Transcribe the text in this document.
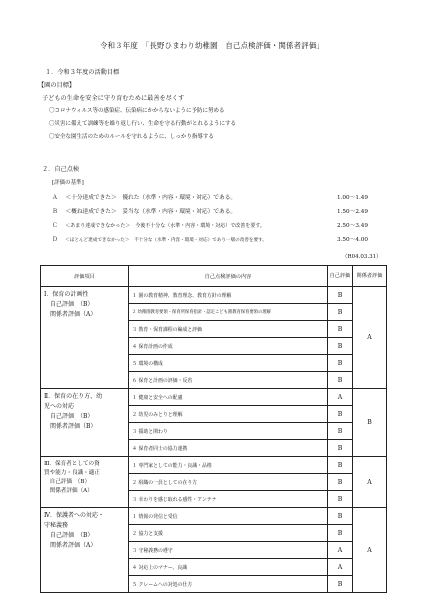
令和３年度　「長野ひまわり幼稚園　自己点検評価・関係者評価」
１．令和３年度の活動目標
【園の目標】
子どもの生命を安全に守り育むために最善を尽くす
〇コロナウィルス等の感染症、伝染病にかからないように予防に努める
〇災害に備えて訓練等を繰り返し行い、生命を守る行動がとれるようにする
〇安全な園生活のためのルールを守れるように、しっかり指導する
２．自己点検
[評価の基準]
Ａ ＜十分達成できた＞　優れた（水準・内容・環境・対応）である。	1.00～1.49
Ｂ ＜概ね達成できた＞　妥当な（水準・内容・環境・対応）である。	1.50～2.49
Ｃ ＜あまり達成できなかった＞　今後不十分な（水準・内容・環境・対応）で改善を要す。	2.50～3.49
Ｄ ＜ほとんど達成できなかった＞　不十分な（水準・内容・環境・対応）であり一層の改善を要す。	3.50～4.00
（R04.03.31）
評価項目	自己点検評価の内容	自己評価	関係者評価

Ⅰ．保育の計画性
　自己評価　（B）
　関係者評価（A）	１ 園の教育精神、教育理念、教育方針の理解	B	A
	２ 幼稚園教育要領・保育所保育指針・認定こども園教育保育要領の理解	B	
	３ 教育・保育課程の編成と評価	B	
	４ 保育計画の作成	B	
	５ 環境の構成	B	
	６ 保育と計画の評価・反省	B	

Ⅱ．保育の在り方、幼
児への対応
　自己評価　（B）
　関係者評価（B）	１ 健康と安全への配慮	A	B
	２ 幼児のみとりと理解	B	
	３ 援助と関わり	B	
	４ 保育者同士の協力連携	B	

Ⅲ．保育者としての資
質や能力・良識・適正
　自己評価　（B）
　関係者評価（A）	１ 専門家としての能力・良識・品格	B	A
	２ 組織の一員としての在り方	B	
	３ 幸わりを感じ取れる感性・アンテナ	B	

Ⅳ．保護者への対応・
守秘義務
　自己評価　（B）
　関係者評価（A）	１ 情報の発信と受信	B	A
	２ 協力と支援	B	
	３ 守秘義務の遵守	A	
	４ 対応上のマナー、良識	A	
	５ クレームへの対処の仕方	B	
